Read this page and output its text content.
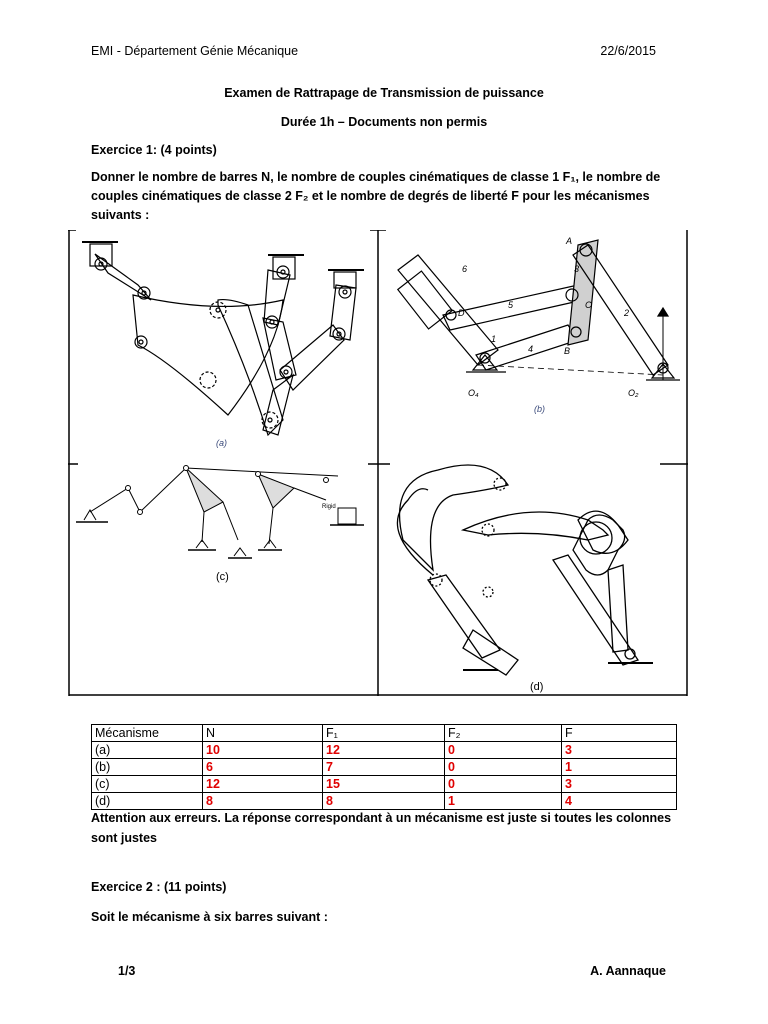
EMI - Département Génie Mécanique	22/6/2015
Examen de Rattrapage de Transmission de puissance
Durée 1h – Documents non permis
Exercice 1: (4 points)
Donner le nombre de barres N, le nombre de couples cinématiques de classe 1 F₁, le nombre de couples cinématiques de classe 2 F₂ et le nombre de degrés de liberté F pour les mécanismes suivants :
(a)
A
B
C
D
1
2
3
4
5
6
O₄	O₂
(b)
Rigid
(c)
(d)
Mécanisme	N	F₁	F₂	F
(a)	10	12	0	3
(b)	6	7	0	1
(c)	12	15	0	3
(d)	8	8	1	4
Attention aux erreurs. La réponse correspondant à un mécanisme est juste si toutes les colonnes sont justes
Exercice 2 : (11 points)
Soit le mécanisme à six barres suivant :
1/3	A. Aannaque
